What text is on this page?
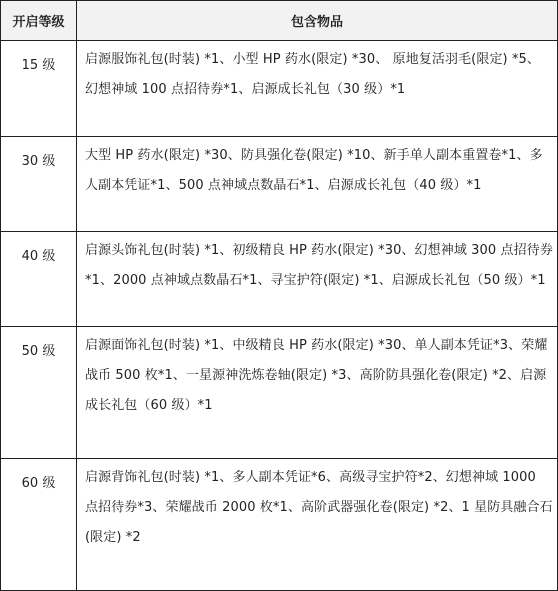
开启等级	包含物品
15 级	启源服饰礼包(时装) *1、小型 HP 药水(限定) *30、 原地复活羽毛(限定) *5、幻想神域 100 点招待券*1、启源成长礼包（30 级）*1
30 级	大型 HP 药水(限定) *30、防具强化卷(限定) *10、新手单人副本重置卷*1、多人副本凭证*1、500 点神域点数晶石*1、启源成长礼包（40 级）*1
40 级	启源头饰礼包(时装) *1、初级精良 HP 药水(限定) *30、幻想神域 300 点招待券*1、2000 点神域点数晶石*1、寻宝护符(限定) *1、启源成长礼包（50 级）*1
50 级	启源面饰礼包(时装) *1、中级精良 HP 药水(限定) *30、单人副本凭证*3、荣耀战币 500 枚*1、一星源神洗炼卷轴(限定) *3、高阶防具强化卷(限定) *2、启源成长礼包（60 级）*1
60 级	启源背饰礼包(时装) *1、多人副本凭证*6、高级寻宝护符*2、幻想神域 1000 点招待券*3、荣耀战币 2000 枚*1、高阶武器强化卷(限定) *2、1 星防具融合石(限定) *2
